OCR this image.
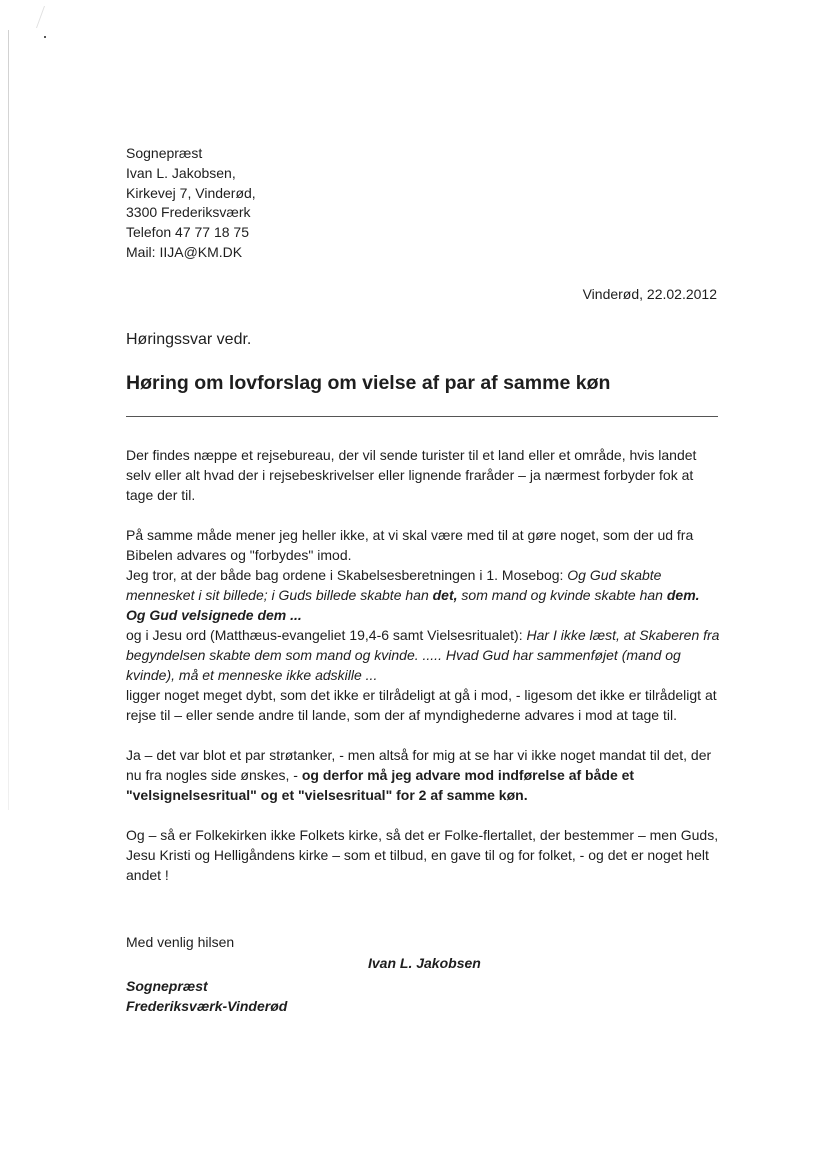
Sognepræst
Ivan L. Jakobsen,
Kirkevej 7, Vinderød,
3300 Frederiksværk
Telefon 47 77 18 75
Mail: IIJA@KM.DK
Vinderød, 22.02.2012
Høringssvar vedr.
Høring om lovforslag om vielse af par af samme køn

Der findes næppe et rejsebureau, der vil sende turister til et land eller et område, hvis landet selv eller alt hvad der i rejsebeskrivelser eller lignende fraråder – ja nærmest forbyder fok at tage der til.

På samme måde mener jeg heller ikke, at vi skal være med til at gøre noget, som der ud fra Bibelen advares og "forbydes" imod.

Jeg tror, at der både bag ordene i Skabelsesberetningen i 1. Mosebog: Og Gud skabte mennesket i sit billede; i Guds billede skabte han det, som mand og kvinde skabte han dem. Og Gud velsignede dem ...

og i Jesu ord (Matthæus-evangeliet 19,4-6 samt Vielsesritualet): Har I ikke læst, at Skaberen fra begyndelsen skabte dem som mand og kvinde. ..... Hvad Gud har sammenføjet (mand og kvinde), må et menneske ikke adskille ...

ligger noget meget dybt, som det ikke er tilrådeligt at gå i mod, - ligesom det ikke er tilrådeligt at rejse til – eller sende andre til lande, som der af myndighederne advares i mod at tage til.

Ja – det var blot et par strøtanker, - men altså for mig at se har vi ikke noget mandat til det, der nu fra nogles side ønskes, - og derfor må jeg advare mod indførelse af både et "velsignelsesritual" og et "vielsesritual" for 2 af samme køn.

Og – så er Folkekirken ikke Folkets kirke, så det er Folke-flertallet, der bestemmer – men Guds, Jesu Kristi og Helligåndens kirke – som et tilbud, en gave til og for folket, - og det er noget helt andet !

Med venlig hilsen
Ivan L. Jakobsen
Sognepræst
Frederiksværk-Vinderød
